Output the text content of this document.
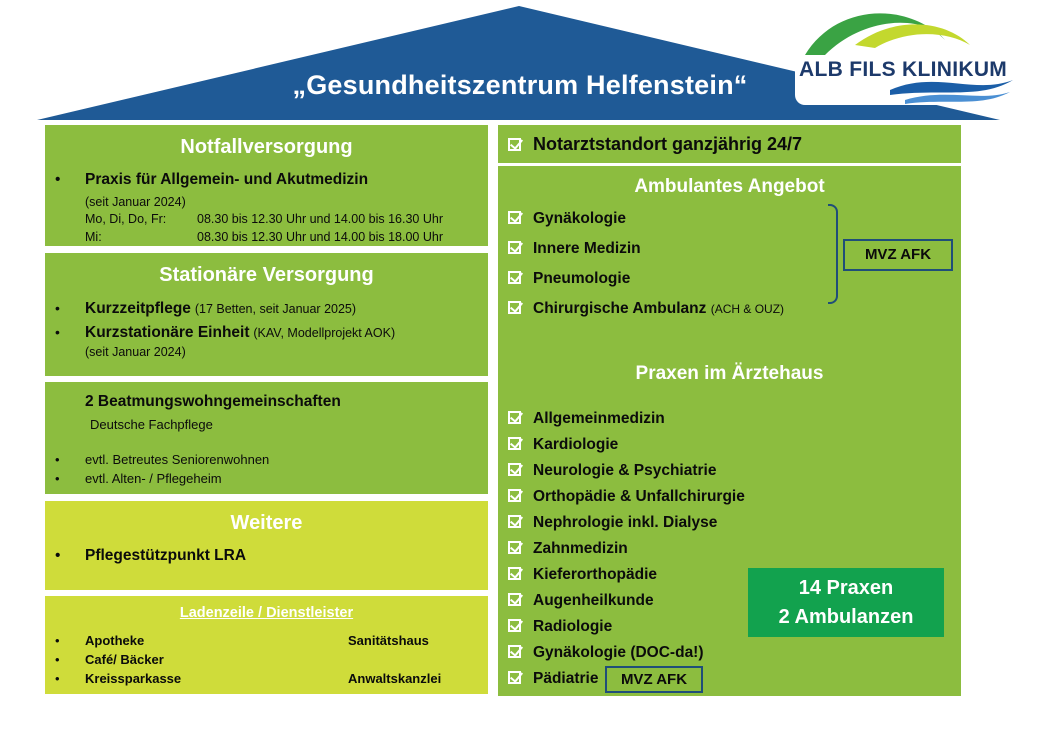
„Gesundheitszentrum Helfenstein“
ALB FILS KLINIKUM
Notfallversorgung
• Praxis für Allgemein- und Akutmedizin
(seit Januar 2024)
Mo, Di, Do, Fr: 08.30 bis 12.30 Uhr und 14.00 bis 16.30 Uhr
Mi:	08.30 bis 12.30 Uhr und 14.00 bis 18.00 Uhr
Stationäre Versorgung
• Kurzzeitpflege (17 Betten, seit Januar 2025)
• Kurzstationäre Einheit (KAV, Modellprojekt AOK)
(seit Januar 2024)
2 Beatmungswohngemeinschaften
Deutsche Fachpflege
• evtl. Betreutes Seniorenwohnen
• evtl. Alten- / Pflegeheim
Weitere
• Pflegestützpunkt LRA
Ladenzeile / Dienstleister
• Apotheke
• Café/ Bäcker
• Kreissparkasse
Sanitätshaus
Anwaltskanzlei
Notarztstandort ganzjährig 24/7
Ambulantes Angebot
Gynäkologie
Innere Medizin
Pneumologie
Chirurgische Ambulanz (ACH & OUZ)
MVZ AFK
Praxen im Ärztehaus
Allgemeinmedizin
Kardiologie
Neurologie & Psychiatrie
Orthopädie & Unfallchirurgie
Nephrologie inkl. Dialyse
Zahnmedizin
Kieferorthopädie
Augenheilkunde
Radiologie
Gynäkologie (DOC-da!)
Pädiatrie	MVZ AFK
14 Praxen
2 Ambulanzen
